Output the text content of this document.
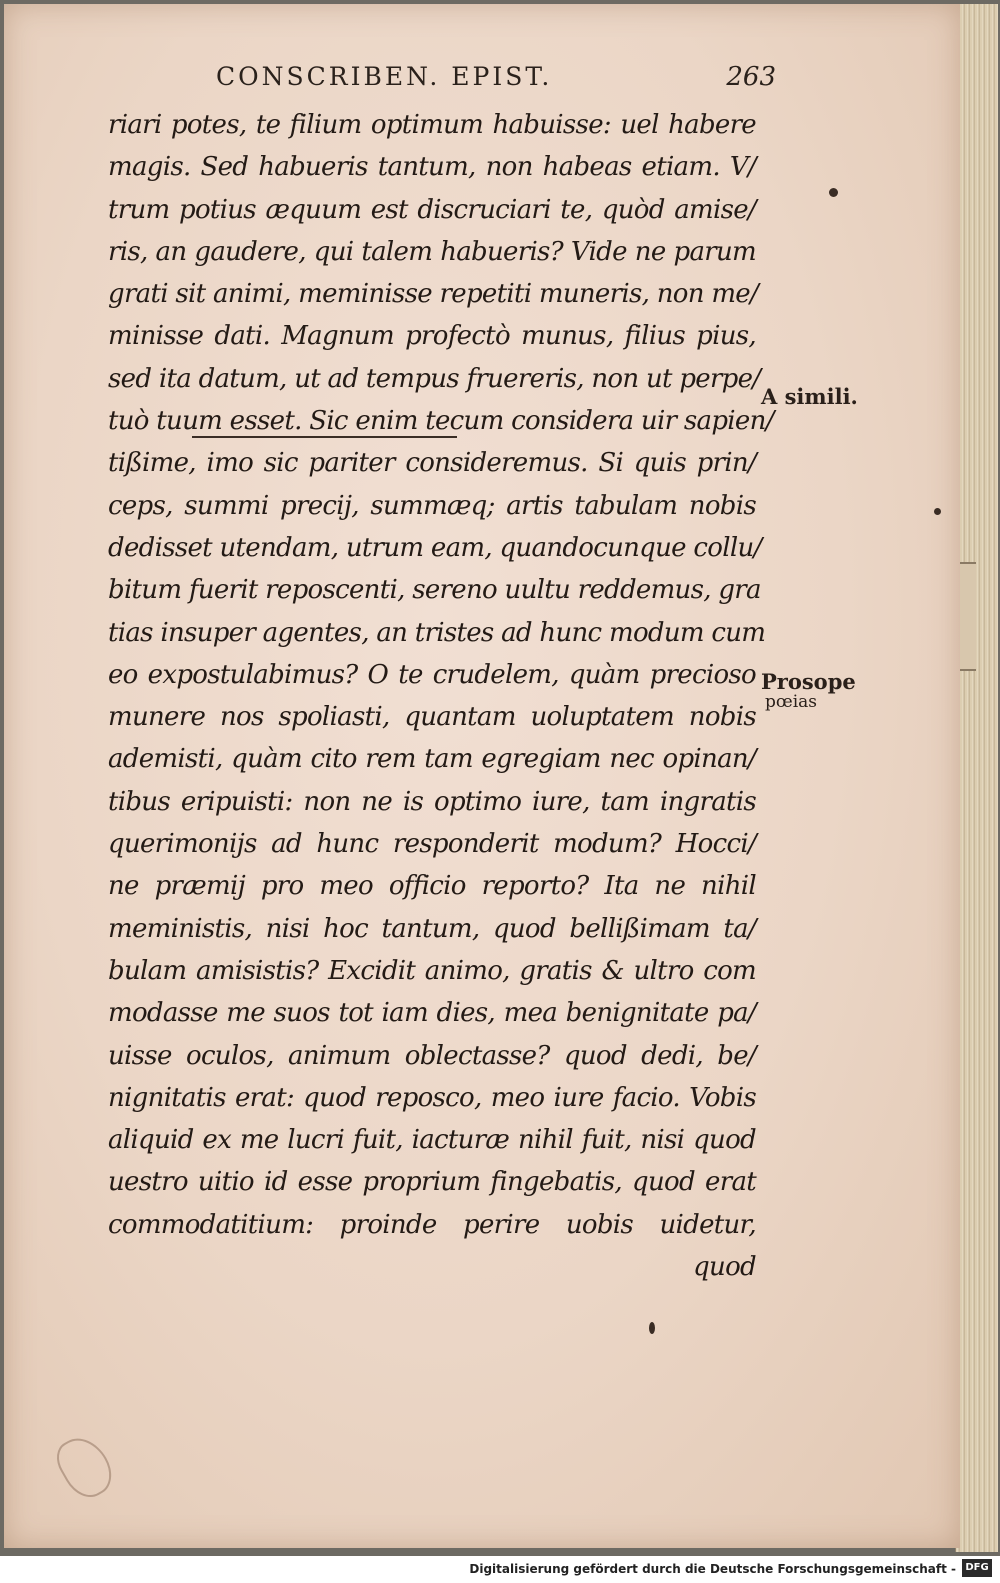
CONSCRIBEN. EPIST.	263
riari potes, te filium optimum habuisse: uel habere
magis. Sed habueris tantum, non habeas etiam. V/
trum potius æquum est discruciari te, quòd amise/
ris, an gaudere, qui talem habueris? Vide ne parum
grati sit animi, meminisse repetiti muneris, non me/
minisse dati. Magnum profectò munus, filius pius,
sed ita datum, ut ad tempus fruereris, non ut perpe/
tuò tuum esset. Sic enim tecum considera uir sapien/
tißime, imo sic pariter consideremus. Si quis prin/
ceps, summi precij, summæq; artis tabulam nobis
dedisset utendam, utrum eam, quandocunque collu/
bitum fuerit reposcenti, sereno uultu reddemus, gra
tias insuper agentes, an tristes ad hunc modum cum
eo expostulabimus? O te crudelem, quàm precioso
munere nos spoliasti, quantam uoluptatem nobis
ademisti, quàm cito rem tam egregiam nec opinan/
tibus eripuisti: non ne is optimo iure, tam ingratis
querimonijs ad hunc responderit modum? Hocci/
ne præmij pro meo officio reporto? Ita ne nihil
meministis, nisi hoc tantum, quod bellißimam ta/
bulam amisistis? Excidit animo, gratis & ultro com
modasse me suos tot iam dies, mea benignitate pa/
uisse oculos, animum oblectasse? quod dedi, be/
nignitatis erat: quod reposco, meo iure facio. Vobis
aliquid ex me lucri fuit, iacturæ nihil fuit, nisi quod
uestro uitio id esse proprium fingebatis, quod erat
commodatitium: proinde perire uobis uidetur,
quod
A simili.
Prosope
pœias
Digitalisierung gefördert durch die Deutsche Forschungsgemeinschaft - DFG
